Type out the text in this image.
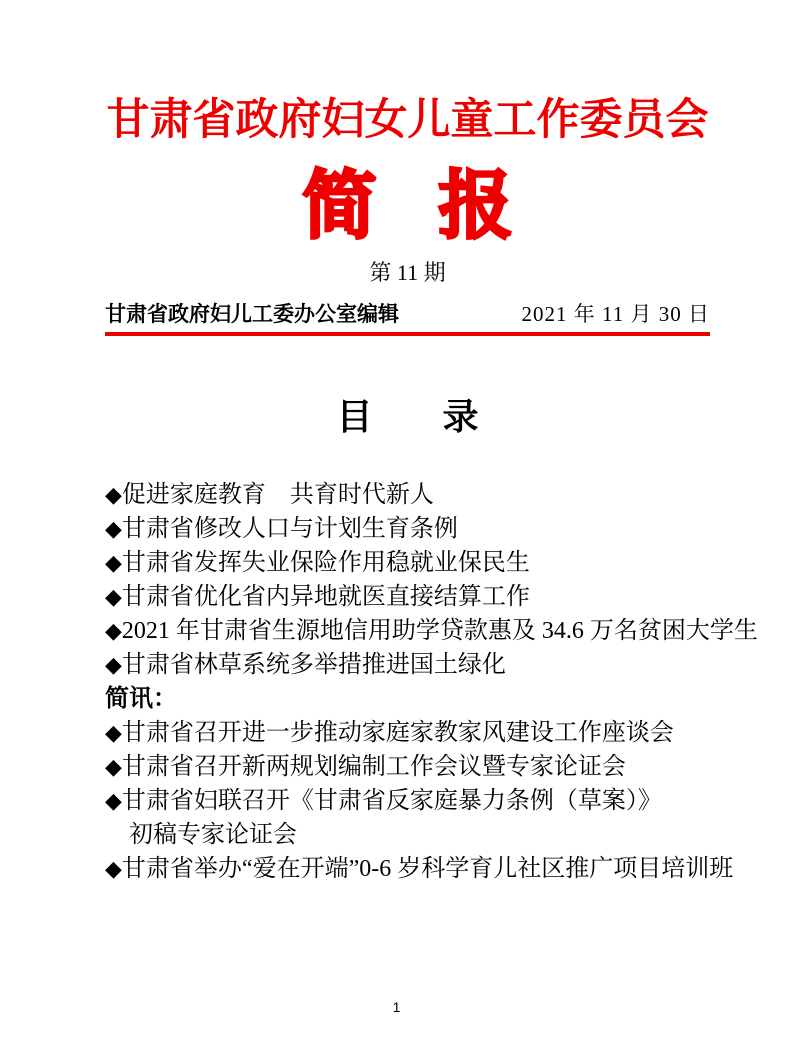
甘肃省政府妇女儿童工作委员会
简 报
第 11 期
甘肃省政府妇儿工委办公室编辑	2021 年 11 月 30 日
目 录
◆促进家庭教育　共育时代新人
◆甘肃省修改人口与计划生育条例
◆甘肃省发挥失业保险作用稳就业保民生
◆甘肃省优化省内异地就医直接结算工作
◆2021 年甘肃省生源地信用助学贷款惠及 34.6 万名贫困大学生
◆甘肃省林草系统多举措推进国土绿化
简讯：
◆甘肃省召开进一步推动家庭家教家风建设工作座谈会
◆甘肃省召开新两规划编制工作会议暨专家论证会
◆甘肃省妇联召开《甘肃省反家庭暴力条例（草案）》
初稿专家论证会
◆甘肃省举办“爱在开端”0-6 岁科学育儿社区推广项目培训班
1
